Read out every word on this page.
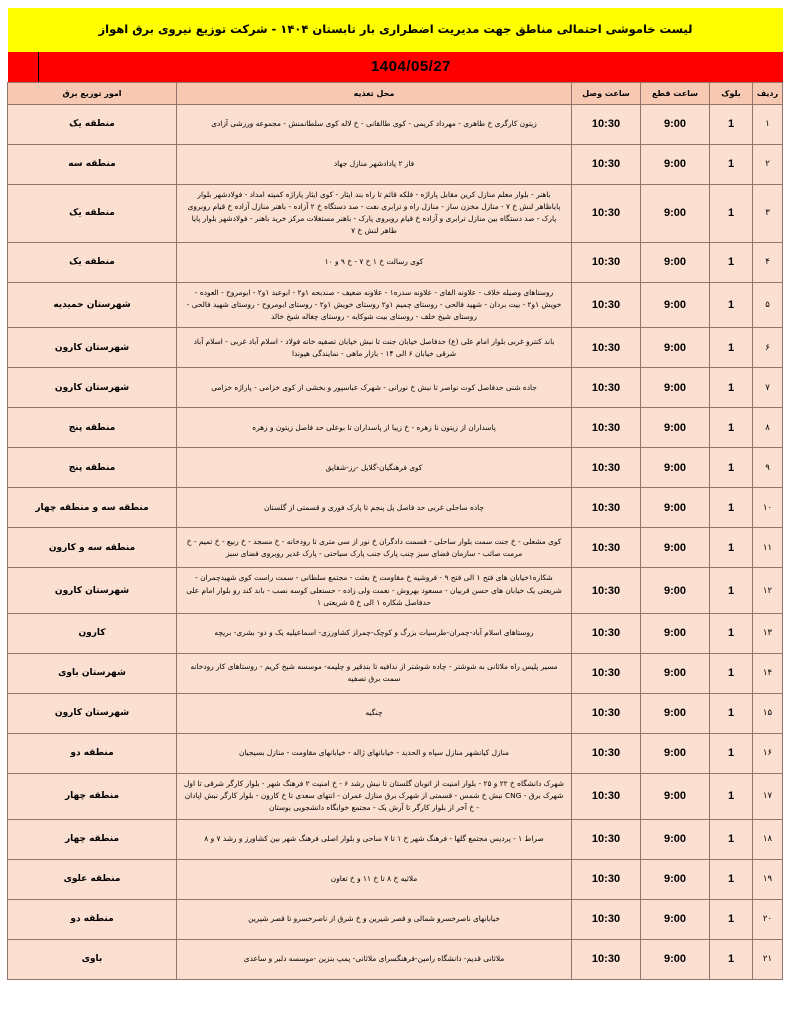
لیست خاموشی احتمالی مناطق جهت مدیریت اضطراری بار تابستان ۱۴۰۴ - شرکت توزیع نیروی برق اهواز
1404/05/27
ردیف	بلوک	ساعت قطع	ساعت وصل	محل تغذیه	امور توزیع برق
۱	1	9:00	10:30	زیتون کارگری خ طاهری - مهرداد کریمی - کوی طالقانی - خ لاله کوی سلطانمنش - مجموعه ورزشی آزادی	منطقه یک
۲	1	9:00	10:30	فاز ۲ پادادشهر منازل جهاد	منطقه سه
۳	1	9:00	10:30	باهنر - بلوار معلم منازل کرین مقابل پاراژه - فلکه قائم تا راه بند ایثار - کوی ایثار پاراژه کمیته امداد - فولادشهر بلوار پایاظاهر لنش خ ۷ - منازل مخزن ساز - منازل راه و ترابری نفت - صد دستگاه خ ۲ آزاده - باهنر منازل آزاده خ قیام روبروی پارک - صد دستگاه بین منازل ترابری و آزاده خ قیام روبروی پارک - باهنر مستغلات مرکز خرید باهنر - فولادشهر بلوار پایا طاهر لنش خ ۷	منطقه یک
۴	1	9:00	10:30	کوی رسالت خ ۱ خ ۷ - خ ۹ و ۱۰	منطقه یک
۵	1	9:00	10:30	روستاهای وصیله خلاف - علاونه الفای - علاونه سدره۱ - علاونه ضعیف - صندبحه ۱و۲ - ابوعبد ۱و۲ - ابومروح - العوده - خویش ۱و۲ - بیت بردان - شهید فالحی - روستای چمیم ۱و۲ روستای خویش ۱و۲ - روستای ابومروح - روستای شهید فالحی - روستای شیخ خلف - روستای بیت شوکایه - روستای چغاله شیخ خالد	شهرستان حمیدیه
۶	1	9:00	10:30	باند کنترو غربی بلوار امام علی (ع) حدفاصل خیابان جنت تا نبش خیابان تصفیه خانه فولاد - اسلام آباد غربی - اسلام آباد شرقی خیابان ۶ الی ۱۴ - بازار ماهی - نمایندگی هیوندا	شهرستان کارون
۷	1	9:00	10:30	جاده شنی حدفاصل کوت نواصر تا نبش خ نورانی - شهرک عباسپور و بخشی از کوی خزامی - پاراژه خزامی	شهرستان کارون
۸	1	9:00	10:30	پاسداران از زیتون تا زهره - خ زیبا از پاسداران تا بوعلی حد فاصل زیتون و زهره	منطقه پنج
۹	1	9:00	10:30	کوی فرهنگیان-گلایل -رز-شقایق	منطقه پنج
۱۰	1	9:00	10:30	چاده ساحلی غربی حد فاصل پل پنجم تا پارک فوری و قسمتی از گلستان	منطقه سه و منطقه چهار
۱۱	1	9:00	10:30	کوی مشعلی - خ جنت سمت بلوار ساحلی - قسمت دادگران خ نور از سی متری تا رودخانه - خ مسجد - خ ربیع - خ تمیم - خ مرمت صائب - سازمان فضای سبز چنب پارک جنب پارک سیاحتی - پارک غدیر روبروی فضای سبز	منطقه سه و کارون
۱۲	1	9:00	10:30	شکاره۱خیابان های فتح ۱ الی فتح ۹ - فروشیه خ مقاومت خ بعثت - مجتمع سلطانی - سمت راست کوی شهیدچمران - شریعتی یک خیابان های حسن قربیان - مسعود بهروش - نعمت ولی زاده - حسنعلی کوسه نصب - باند کند رو بلوار امام علی حدفاصل شکاره ۱ الی خ ۵ شریعتی ۱	شهرستان کارون
۱۳	1	9:00	10:30	روستاهای اسلام آباد-چمران-طرسیات بزرگ و کوچک-چمراز کشاورزی- اسماعیلیه یک و دو- بشری- بریچه	کارون
۱۴	1	9:00	10:30	مسیر پلیس راه ملاثانی به شوشتر - چاده شوشتر از ندافیه تا بندقیر و چلیمه- موسسه شیخ کریم - روستاهای کار رودخانه سمت برق تصفیه	شهرستان باوی
۱۵	1	9:00	10:30	چنگیه	شهرستان کارون
۱۶	1	9:00	10:30	منازل کیانشهر منازل سپاه و الحدید - خیابانهای ژاله - خیابانهای مقاومت - منازل بسیجیان	منطقه دو
۱۷	1	9:00	10:30	شهرک دانشگاه خ ۲۲ و ۲۵ - بلوار امنیت از اتوبان گلستان تا نبش رشد ۶ - خ امنیت ۲ فرهنگ شهر - بلوار کارگر شرقی تا اول شهرک برق - CNG نبش خ شمس - قسمتی از شهرک برق منازل عمران - انتهای سعدی تا خ کارون - بلوار کارگر نبش اپادان - خ آخر از بلوار کارگر تا آرش یک - مجتمع خوابگاه دانشجویی بوستان	منطقه چهار
۱۸	1	9:00	10:30	صراط ۱ - پردیس مجتمع گلها - فرهنگ شهر خ ۱ تا ۷ ساحی و بلوار اصلی فرهنگ شهر بین کشاورز و رشد ۷ و ۸	منطقه چهار
۱۹	1	9:00	10:30	ملاثیه خ ۸ تا خ ۱۱ و خ تعاون	منطقه علوی
۲۰	1	9:00	10:30	خیابانهای ناصرخسرو شمالی و قصر شیرین و خ شرق از ناصرخسرو تا قصر شیرین	منطقه دو
۲۱	1	9:00	10:30	ملاثانی قدیم- دانشگاه رامین-فرهنگسرای ملاثانی- پمپ بنزین -موسسه دلبر و ساعدی	باوی
